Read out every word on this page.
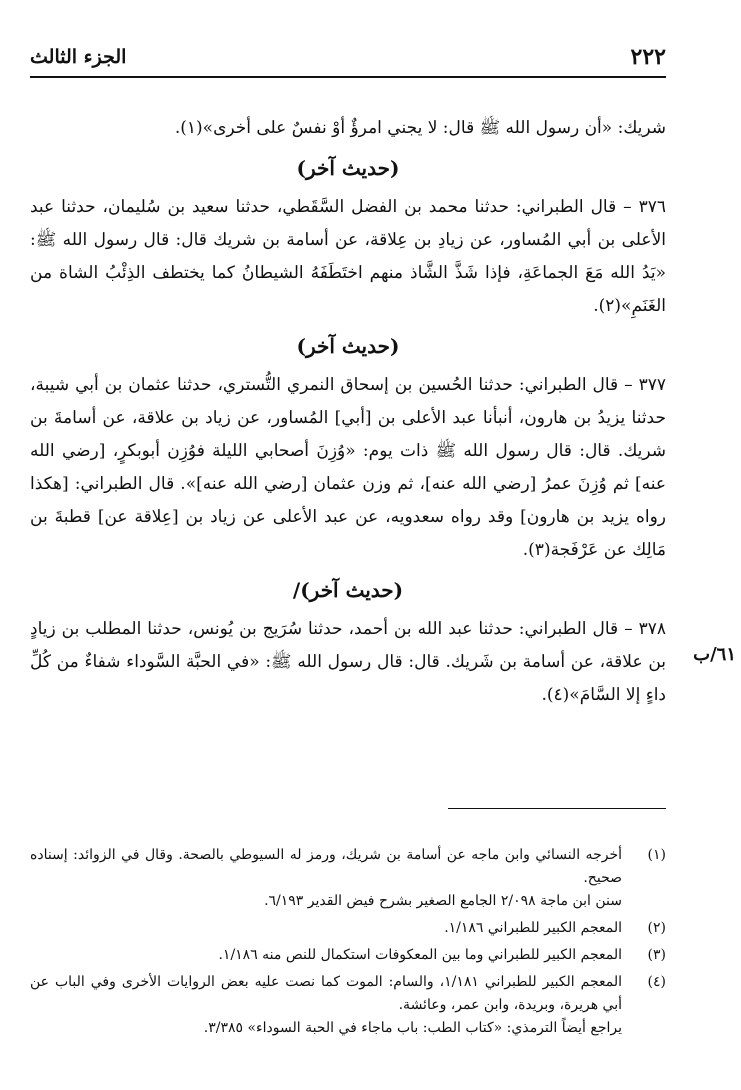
٢٢٢
الجزء الثالث

شريك: «أن رسول الله ﷺ قال: لا يجني امرؤٌ أوْ نفسٌ على أخرى»(١).

(حديث آخر)

٣٧٦ – قال الطبراني: حدثنا محمد بن الفضل السَّقَطي، حدثنا سعيد بن سُليمان، حدثنا عبد الأعلى بن أبي المُساور، عن زيادِ بن عِلاقة، عن أسامة بن شريك قال: قال رسول الله ﷺ: «يَدُ الله مَعَ الجماعَةِ، فإذا شَذَّ الشَّاذ منهم اختَطَفَهُ الشيطانُ كما يختطف الذِئْبُ الشاة من الغَنَمِ»(٢).

(حديث آخر)

٣٧٧ – قال الطبراني: حدثنا الحُسين بن إسحاق النمري التُّستري، حدثنا عثمان بن أبي شيبة، حدثنا يزيدُ بن هارون، أنبأنا عبد الأعلى بن [أبي] المُساور، عن زياد بن علاقة، عن أسامةَ بن شريك. قال: قال رسول الله ﷺ ذات يوم: «وُزِنَ أصحابي الليلة فوُزِن أبوبكرٍ، [رضي الله عنه] ثم وُزِنَ عمرُ [رضي الله عنه]، ثم وزن عثمان [رضي الله عنه]». قال الطبراني: [هكذا رواه يزيد بن هارون] وقد رواه سعدويه، عن عبد الأعلى عن زياد بن [عِلاقة عن] قطبةَ بن مَالِك عن عَرْفَجة(٣).

(حديث آخر)/

٣٧٨ – قال الطبراني: حدثنا عبد الله بن أحمد، حدثنا سُرَيج بن يُونس، حدثنا المطلب بن زيادٍ بن علاقة، عن أسامة بن شَريك. قال: قال رسول الله ﷺ: «في الحبَّة السَّوداء شفاءٌ من كُلِّ داءٍ إلا السَّامَ»(٤).

٦١/ب
(١)
أخرجه النسائي وابن ماجه عن أسامة بن شريك، ورمز له السيوطي بالصحة. وقال في الزوائد: إسناده صحيح.
سنن ابن ماجة ٢/٠٩٨ الجامع الصغير بشرح فيض القدير ٦/١٩٣.
(٢)
المعجم الكبير للطبراني ١/١٨٦.
(٣)
المعجم الكبير للطبراني وما بين المعكوفات استكمال للنص منه ١/١٨٦.
(٤)
المعجم الكبير للطبراني ١/١٨١، والسام: الموت كما نصت عليه بعض الروايات الأخرى وفي الباب عن أبي هريرة، وبريدة، وابن عمر، وعائشة.
يراجع أيضاً الترمذي: «كتاب الطب: باب ماجاء في الحبة السوداء» ٣/٣٨٥.
